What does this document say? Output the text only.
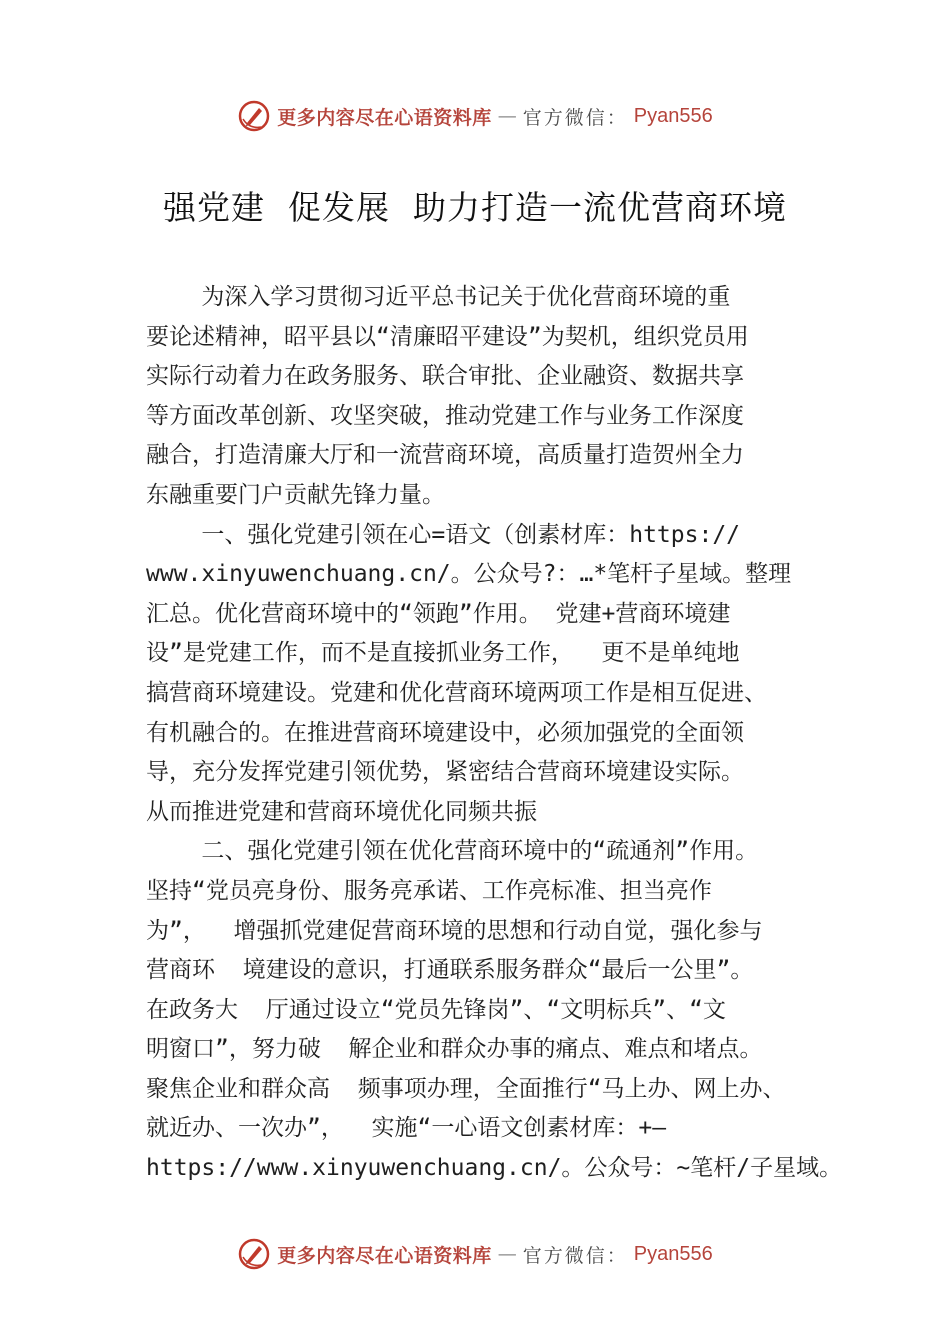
更多内容尽在心语资料库 — 官方微信： Pyan556
强党建  促发展  助力打造一流优营商环境
为深入学习贯彻习近平总书记关于优化营商环境的重
要论述精神，昭平县以“清廉昭平建设”为契机，组织党员用
实际行动着力在政务服务、联合审批、企业融资、数据共享
等方面改革创新、攻坚突破，推动党建工作与业务工作深度
融合，打造清廉大厅和一流营商环境，高质量打造贺州全力
东融重要门户贡献先锋力量。
一、强化党建引领在心=语文（创素材库：https://
www.xinyuwenchuang.cn/。公众号?：…*笔杆子星域。整理
汇总。优化营商环境中的“领跑”作用。 党建+营商环境建
设”是党建工作，而不是直接抓业务工作，  更不是单纯地
搞营商环境建设。党建和优化营商环境两项工作是相互促进、
有机融合的。在推进营商环境建设中，必须加强党的全面领
导，充分发挥党建引领优势，紧密结合营商环境建设实际。
从而推进党建和营商环境优化同频共振
二、强化党建引领在优化营商环境中的“疏通剂”作用。
坚持“党员亮身份、服务亮承诺、工作亮标准、担当亮作
为”，  增强抓党建促营商环境的思想和行动自觉，强化参与
营商环  境建设的意识，打通联系服务群众“最后一公里”。
在政务大  厅通过设立“党员先锋岗”、“文明标兵”、“文
明窗口”，努力破  解企业和群众办事的痛点、难点和堵点。
聚焦企业和群众高  频事项办理，全面推行“马上办、网上办、
就近办、一次办”，  实施“一心语文创素材库：+—
https://www.xinyuwenchuang.cn/。公众号：~笔杆/子星域。
更多内容尽在心语资料库 — 官方微信： Pyan556
